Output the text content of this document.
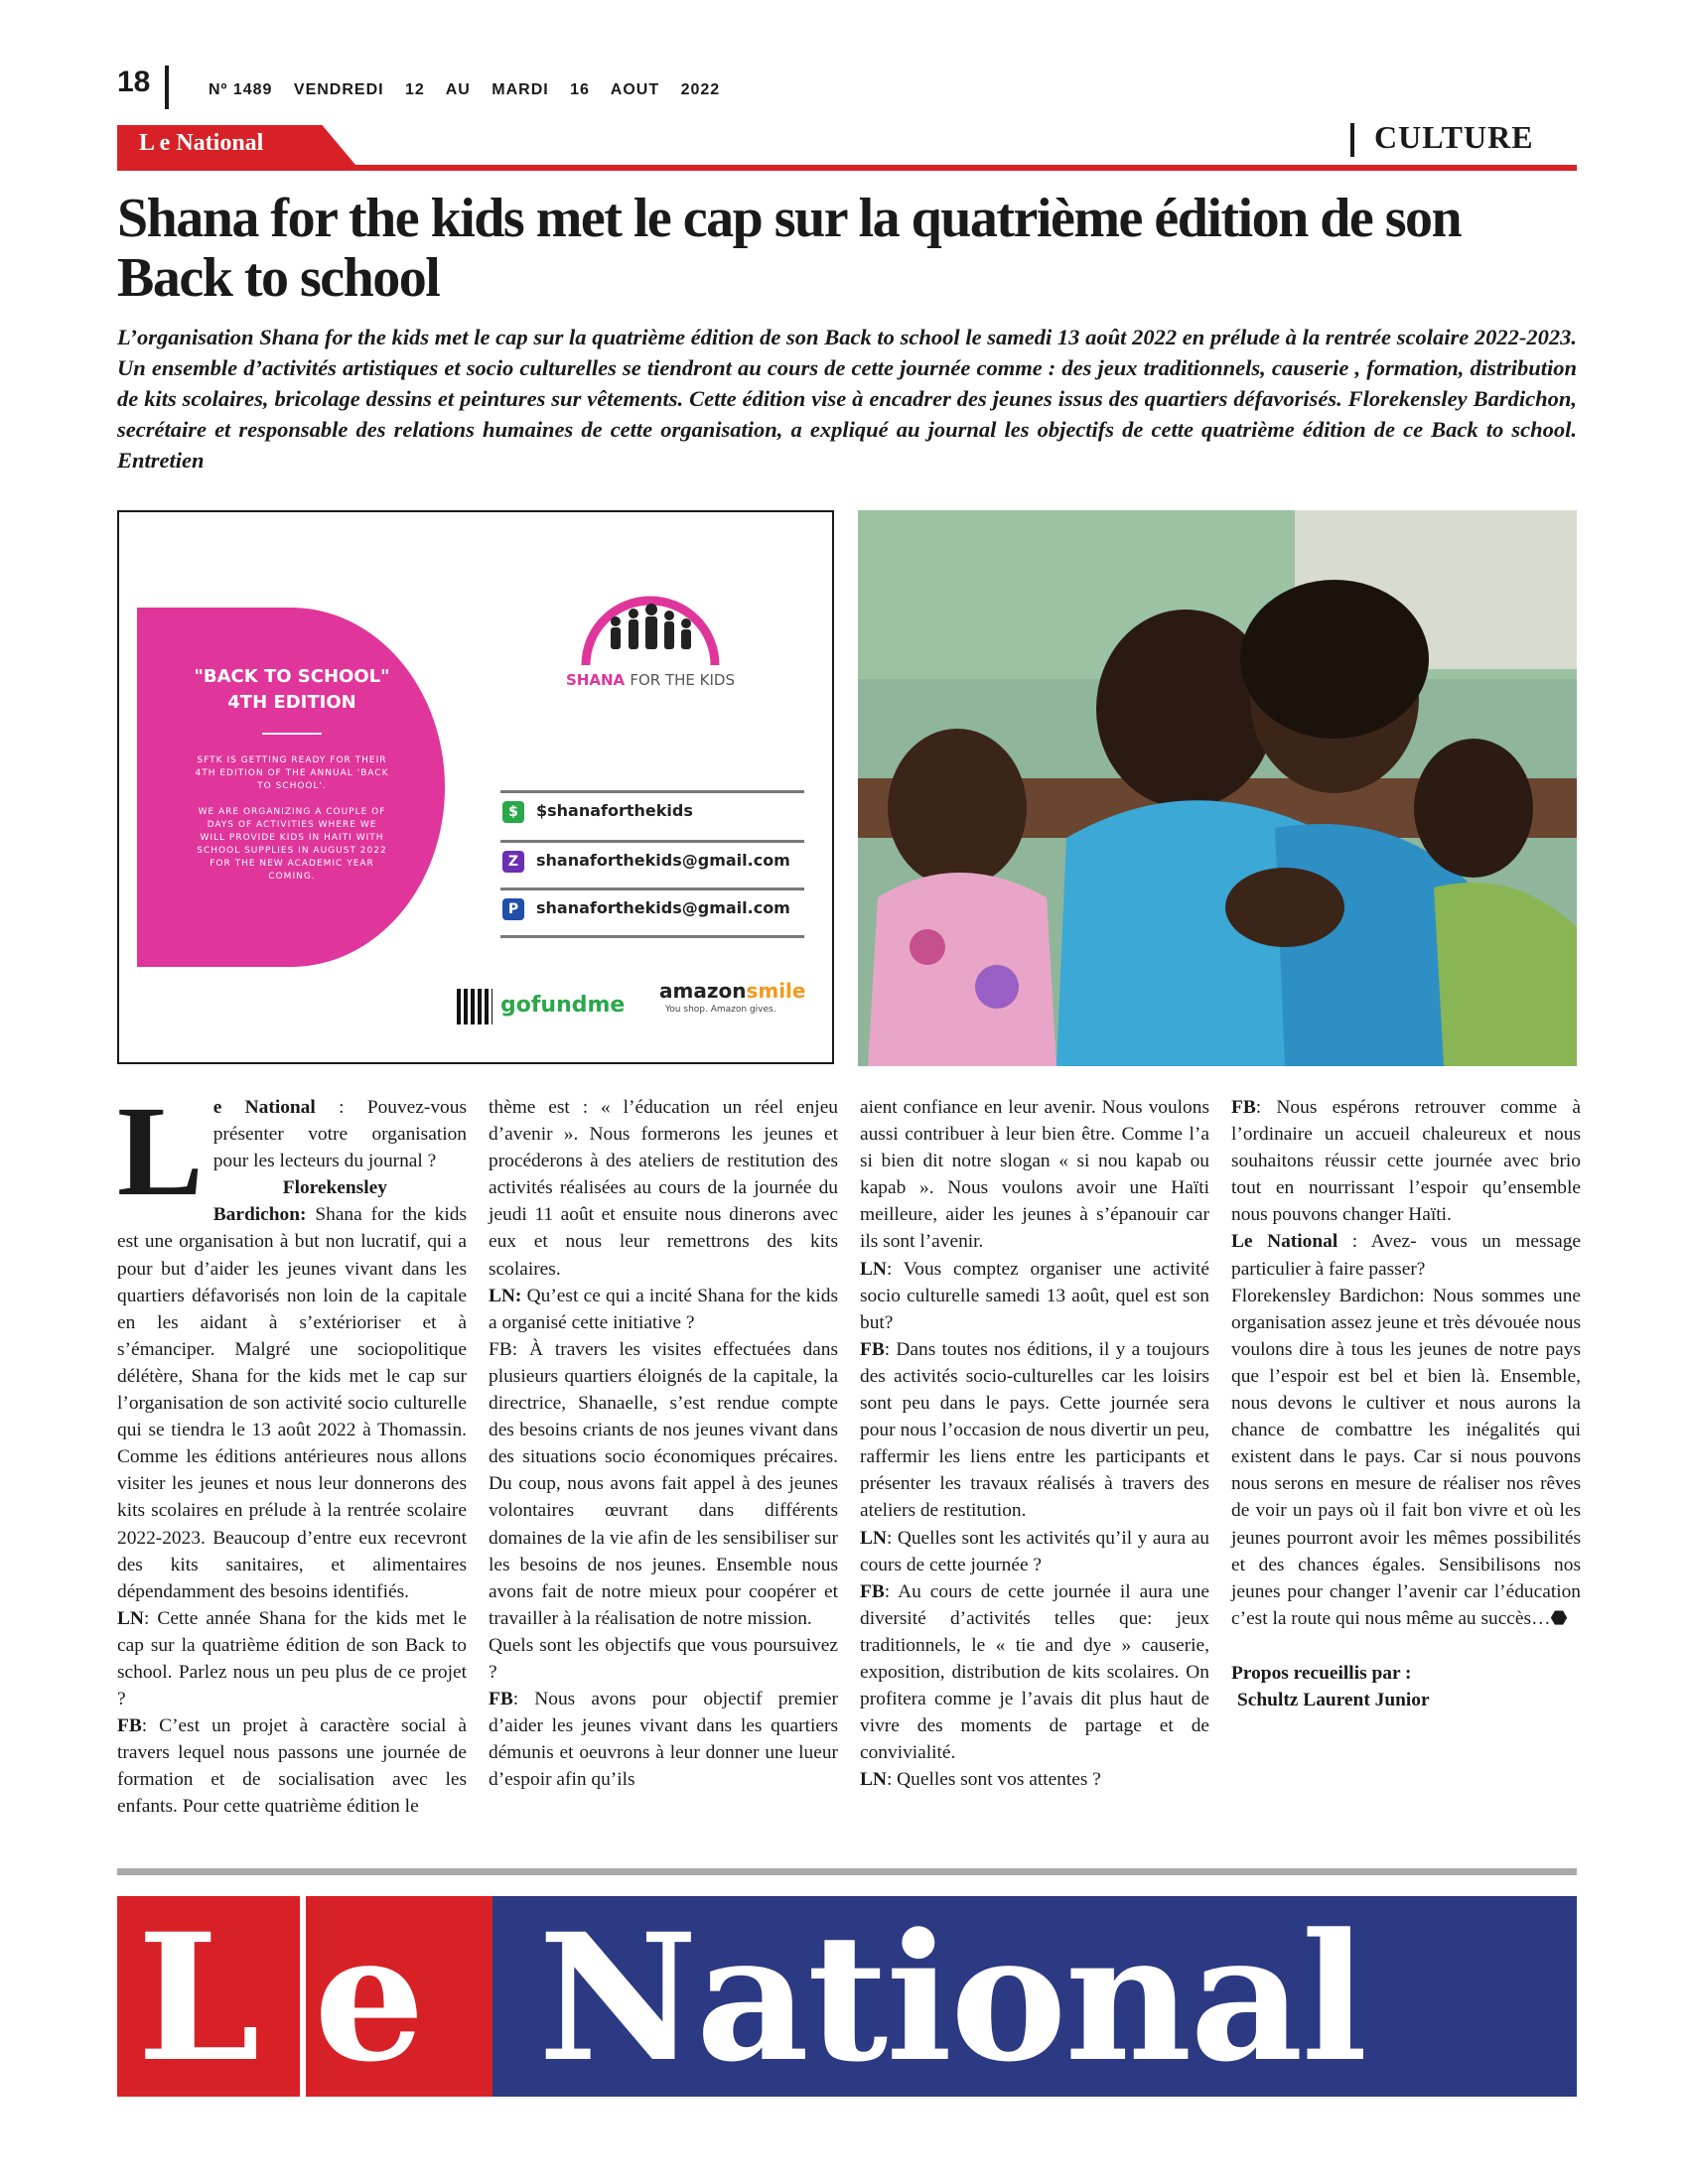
18	Nº 1489 VENDREDI 12 AU MARDI 16 AOUT 2022
L e National	CULTURE
Shana for the kids met le cap sur la quatrième édition de son Back to school
L’organisation Shana for the kids met le cap sur la quatrième édition de son Back to school le samedi 13 août 2022 en prélude à la rentrée scolaire 2022-2023. Un ensemble d’activités artistiques et socio culturelles se tiendront au cours de cette journée comme : des jeux traditionnels, causerie , formation, distribution de kits scolaires, bricolage dessins et peintures sur vêtements. Cette édition vise à encadrer des jeunes issus des quartiers défavorisés. Florekensley Bardichon, secrétaire et responsable des relations humaines de cette organisation, a expliqué au journal les objectifs de cette quatrième édition de ce Back to school. Entretien
"BACK TO SCHOOL"
4TH EDITION
SFTK IS GETTING READY FOR THEIR 4TH EDITION OF THE ANNUAL 'BACK TO SCHOOL'.
WE ARE ORGANIZING A COUPLE OF DAYS OF ACTIVITIES WHERE WE WILL PROVIDE KIDS IN HAITI WITH SCHOOL SUPPLIES IN AUGUST 2022 FOR THE NEW ACADEMIC YEAR COMING.
SHANA FOR THE KIDS
$	$shanaforthekids
Z	shanaforthekids@gmail.com
P	shanaforthekids@gmail.com
gofundme
amazonsmile
You shop. Amazon gives.
L e National : Pouvez-vous présenter votre organisation pour les lecteurs du journal ?

Florekensley Bardichon: Shana for the kids est une organisation à but non lucratif, qui a pour but d’aider les jeunes vivant dans les quartiers défavorisés non loin de la capitale en les aidant à s’extérioriser et à s’émanciper. Malgré une sociopolitique délétère, Shana for the kids met le cap sur l’organisation de son activité socio culturelle qui se tiendra le 13 août 2022 à Thomassin. Comme les éditions antérieures nous allons visiter les jeunes et nous leur donnerons des kits scolaires en prélude à la rentrée scolaire 2022-2023. Beaucoup d’entre eux recevront des kits sanitaires, et alimentaires dépendamment des besoins identifiés.

LN: Cette année Shana for the kids met le cap sur la quatrième édition de son Back to school. Parlez nous un peu plus de ce projet ?

FB: C’est un projet à caractère social à travers lequel nous passons une journée de formation et de socialisation avec les enfants. Pour cette quatrième édition le

thème est : « l’éducation un réel enjeu d’avenir ». Nous formerons les jeunes et procéderons à des ateliers de restitution des activités réalisées au cours de la journée du jeudi 11 août et ensuite nous dinerons avec eux et nous leur remettrons des kits scolaires.

LN: Qu’est ce qui a incité Shana for the kids a organisé cette initiative ?

FB: À travers les visites effectuées dans plusieurs quartiers éloignés de la capitale, la directrice, Shanaelle, s’est rendue compte des besoins criants de nos jeunes vivant dans des situations socio économiques précaires. Du coup, nous avons fait appel à des jeunes volontaires œuvrant dans différents domaines de la vie afin de les sensibiliser sur les besoins de nos jeunes. Ensemble nous avons fait de notre mieux pour coopérer et travailler à la réalisation de notre mission.

Quels sont les objectifs que vous poursuivez ?

FB: Nous avons pour objectif premier d’aider les jeunes vivant dans les quartiers démunis et oeuvrons à leur donner une lueur d’espoir afin qu’ils

aient confiance en leur avenir. Nous voulons aussi contribuer à leur bien être. Comme l’a si bien dit notre slogan « si nou kapab ou kapab ». Nous voulons avoir une Haïti meilleure, aider les jeunes à s’épanouir car ils sont l’avenir.

LN: Vous comptez organiser une activité socio culturelle samedi 13 août, quel est son but?

FB: Dans toutes nos éditions, il y a toujours des activités socio-culturelles car les loisirs sont peu dans le pays. Cette journée sera pour nous l’occasion de nous divertir un peu, raffermir les liens entre les participants et présenter les travaux réalisés à travers des ateliers de restitution.

LN: Quelles sont les activités qu’il y aura au cours de cette journée ?

FB: Au cours de cette journée il aura une diversité d’activités telles que: jeux traditionnels, le « tie and dye » causerie, exposition, distribution de kits scolaires. On profitera comme je l’avais dit plus haut de vivre des moments de partage et de convivialité.

LN: Quelles sont vos attentes ?

FB: Nous espérons retrouver comme à l’ordinaire un accueil chaleureux et nous souhaitons réussir cette journée avec brio tout en nourrissant l’espoir qu’ensemble nous pouvons changer Haïti.

Le National : Avez- vous un message particulier à faire passer?

Florekensley Bardichon: Nous sommes une organisation assez jeune et très dévouée nous voulons dire à tous les jeunes de notre pays que l’espoir est bel et bien là. Ensemble, nous devons le cultiver et nous aurons la chance de combattre les inégalités qui existent dans le pays. Car si nous pouvons nous serons en mesure de réaliser nos rêves de voir un pays où il fait bon vivre et où les jeunes pourront avoir les mêmes possibilités et des chances égales. Sensibilisons nos jeunes pour changer l’avenir car l’éducation c’est la route qui nous même au succès…⬣

Propos recueillis par :

Schultz Laurent Junior

L e National
